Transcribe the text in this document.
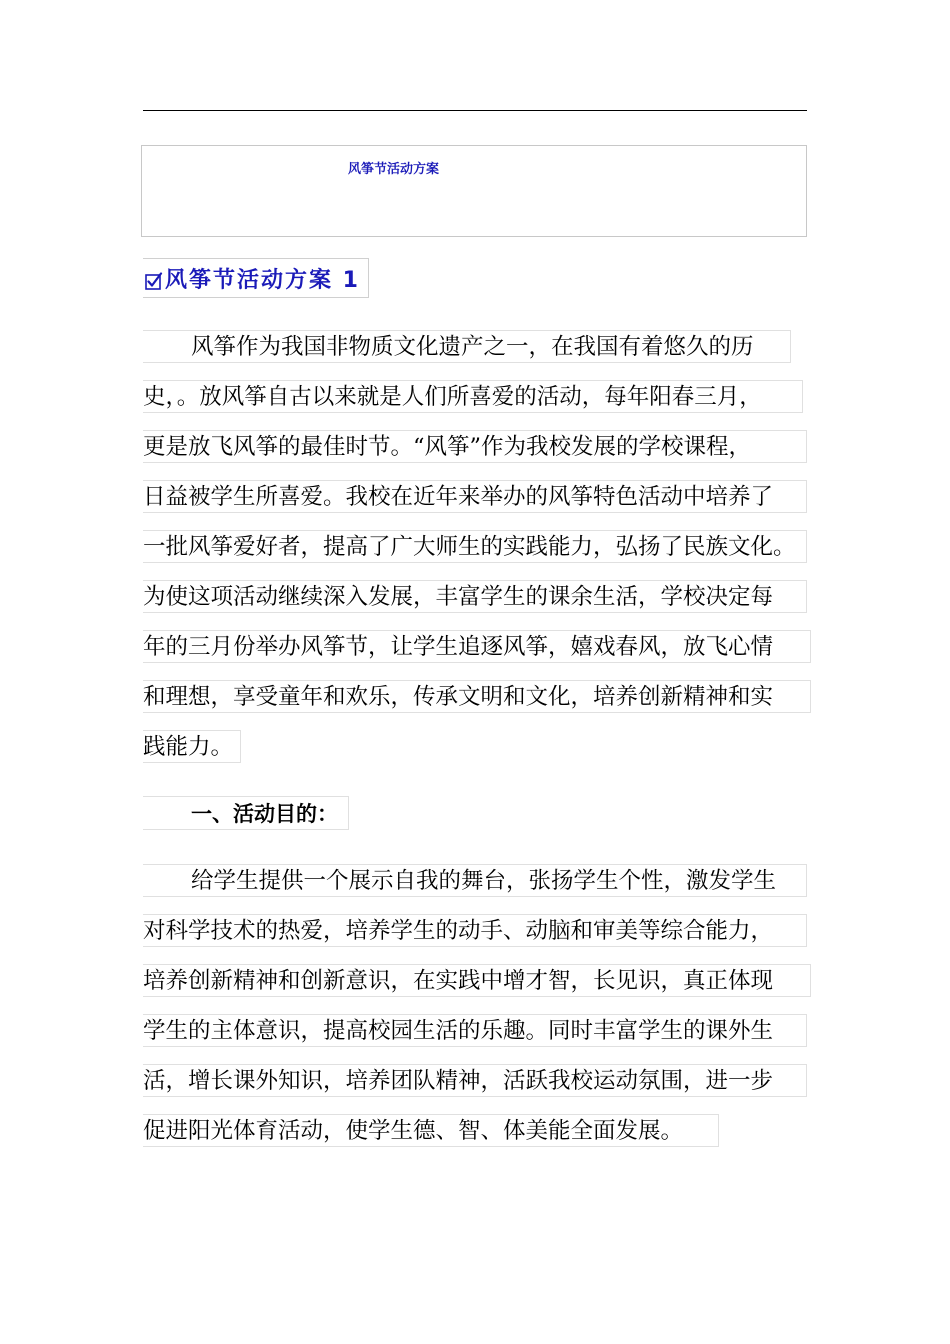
风筝节活动方案
风筝节活动方案 1
风筝作为我国非物质文化遗产之一，在我国有着悠久的历
史，。放风筝自古以来就是人们所喜爱的活动，每年阳春三月，
更是放飞风筝的最佳时节。“风筝”作为我校发展的学校课程，
日益被学生所喜爱。我校在近年来举办的风筝特色活动中培养了
一批风筝爱好者，提高了广大师生的实践能力，弘扬了民族文化。
为使这项活动继续深入发展，丰富学生的课余生活，学校决定每
年的三月份举办风筝节，让学生追逐风筝，嬉戏春风，放飞心情
和理想，享受童年和欢乐，传承文明和文化，培养创新精神和实
践能力。
一、活动目的：
给学生提供一个展示自我的舞台，张扬学生个性，激发学生
对科学技术的热爱，培养学生的动手、动脑和审美等综合能力，
培养创新精神和创新意识，在实践中增才智，长见识，真正体现
学生的主体意识，提高校园生活的乐趣。同时丰富学生的课外生
活，增长课外知识，培养团队精神，活跃我校运动氛围，进一步
促进阳光体育活动，使学生德、智、体美能全面发展。
